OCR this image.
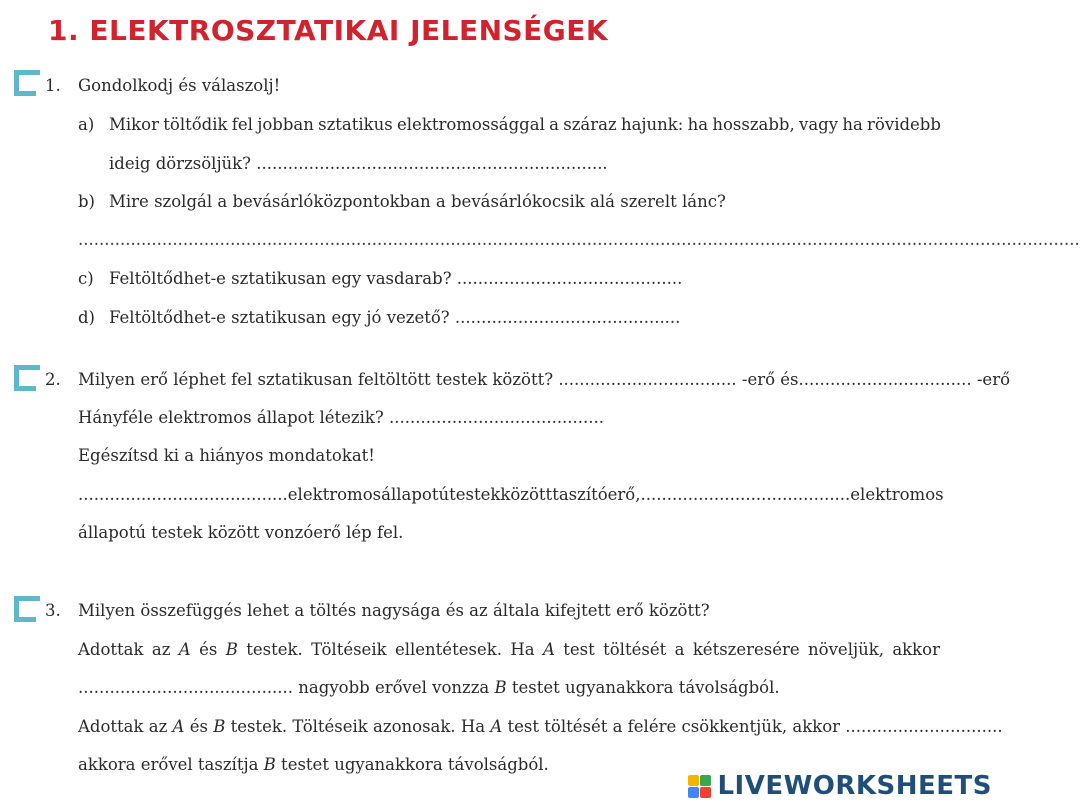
1. ELEKTROSZTATIKAI JELENSÉGEK
1. Gondolkodj és válaszolj!
a) Mikor töltődik fel jobban sztatikus elektromossággal a száraz hajunk: ha hosszabb, vagy ha rövidebb
ideig dörzsöljük? ...................................................................
b) Mire szolgál a bevásárlóközpontokban a bevásárlókocsik alá szerelt lánc?
...............................................................................................................................................................................................
c) Feltöltődhet-e sztatikusan egy vasdarab? ...........................................
d) Feltöltődhet-e sztatikusan egy jó vezető? ...........................................
2. Milyen erő léphet fel sztatikusan feltöltött testek között? .................................. -erő és ................................. -erő
Hányféle elektromos állapot létezik? .........................................
Egészítsd ki a hiányos mondatokat!
........................................ elektromos állapotú testek között taszítóerő, ........................................ elektromos
állapotú testek között vonzóerő lép fel.
3. Milyen összefüggés lehet a töltés nagysága és az általa kifejtett erő között?
Adottak az A és B testek. Töltéseik ellentétesek. Ha A test töltését a kétszeresére növeljük, akkor
......................................... nagyobb erővel vonzza B testet ugyanakkora távolságból.
Adottak az A és B testek. Töltéseik azonosak. Ha A test töltését a felére csökkentjük, akkor ..............................
akkora erővel taszítja B testet ugyanakkora távolságból.
LIVEWORKSHEETS
